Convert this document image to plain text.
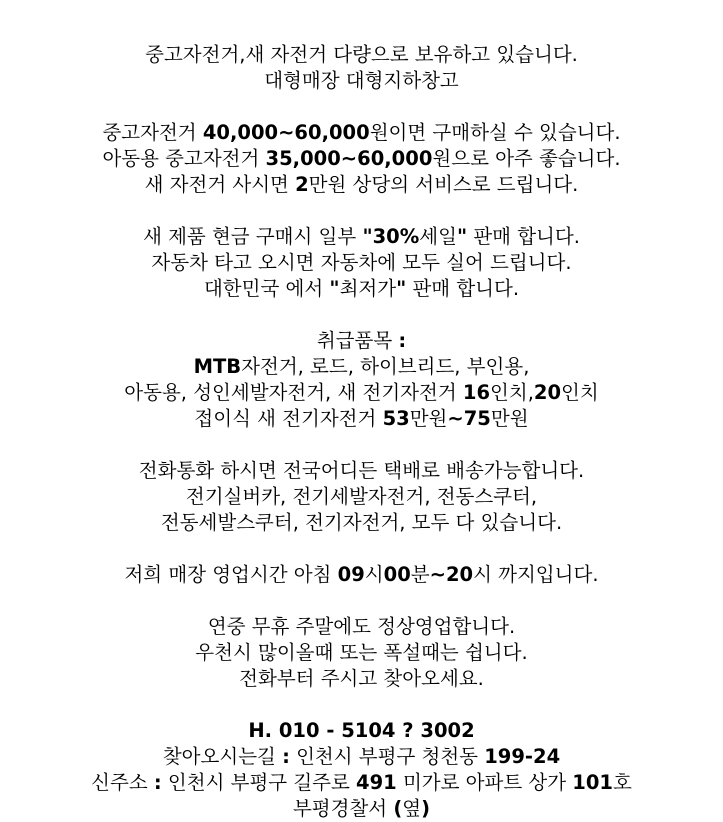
중고자전거,새 자전거 다량으로 보유하고 있습니다.
대형매장 대형지하창고
중고자전거 40,000~60,000원이면 구매하실 수 있습니다.
아동용 중고자전거 35,000~60,000원으로 아주 좋습니다.
새 자전거 사시면 2만원 상당의 서비스로 드립니다.
새 제품 현금 구매시 일부 "30%세일" 판매 합니다.
자동차 타고 오시면 자동차에 모두 실어 드립니다.
대한민국 에서 "최저가" 판매 합니다.
취급품목 :
MTB자전거, 로드, 하이브리드, 부인용,
아동용, 성인세발자전거, 새 전기자전거 16인치,20인치
접이식 새 전기자전거 53만원~75만원
전화통화 하시면 전국어디든 택배로 배송가능합니다.
전기실버카, 전기세발자전거, 전동스쿠터,
전동세발스쿠터, 전기자전거, 모두 다 있습니다.
저희 매장 영업시간 아침 09시00분~20시 까지입니다.
연중 무휴 주말에도 정상영업합니다.
우천시 많이올때 또는 폭설때는 쉽니다.
전화부터 주시고 찾아오세요.
H. 010 - 5104 ? 3002
찾아오시는길 : 인천시 부평구 청천동 199-24
신주소 : 인천시 부평구 길주로 491 미가로 아파트 상가 101호
부평경찰서 (옆)
